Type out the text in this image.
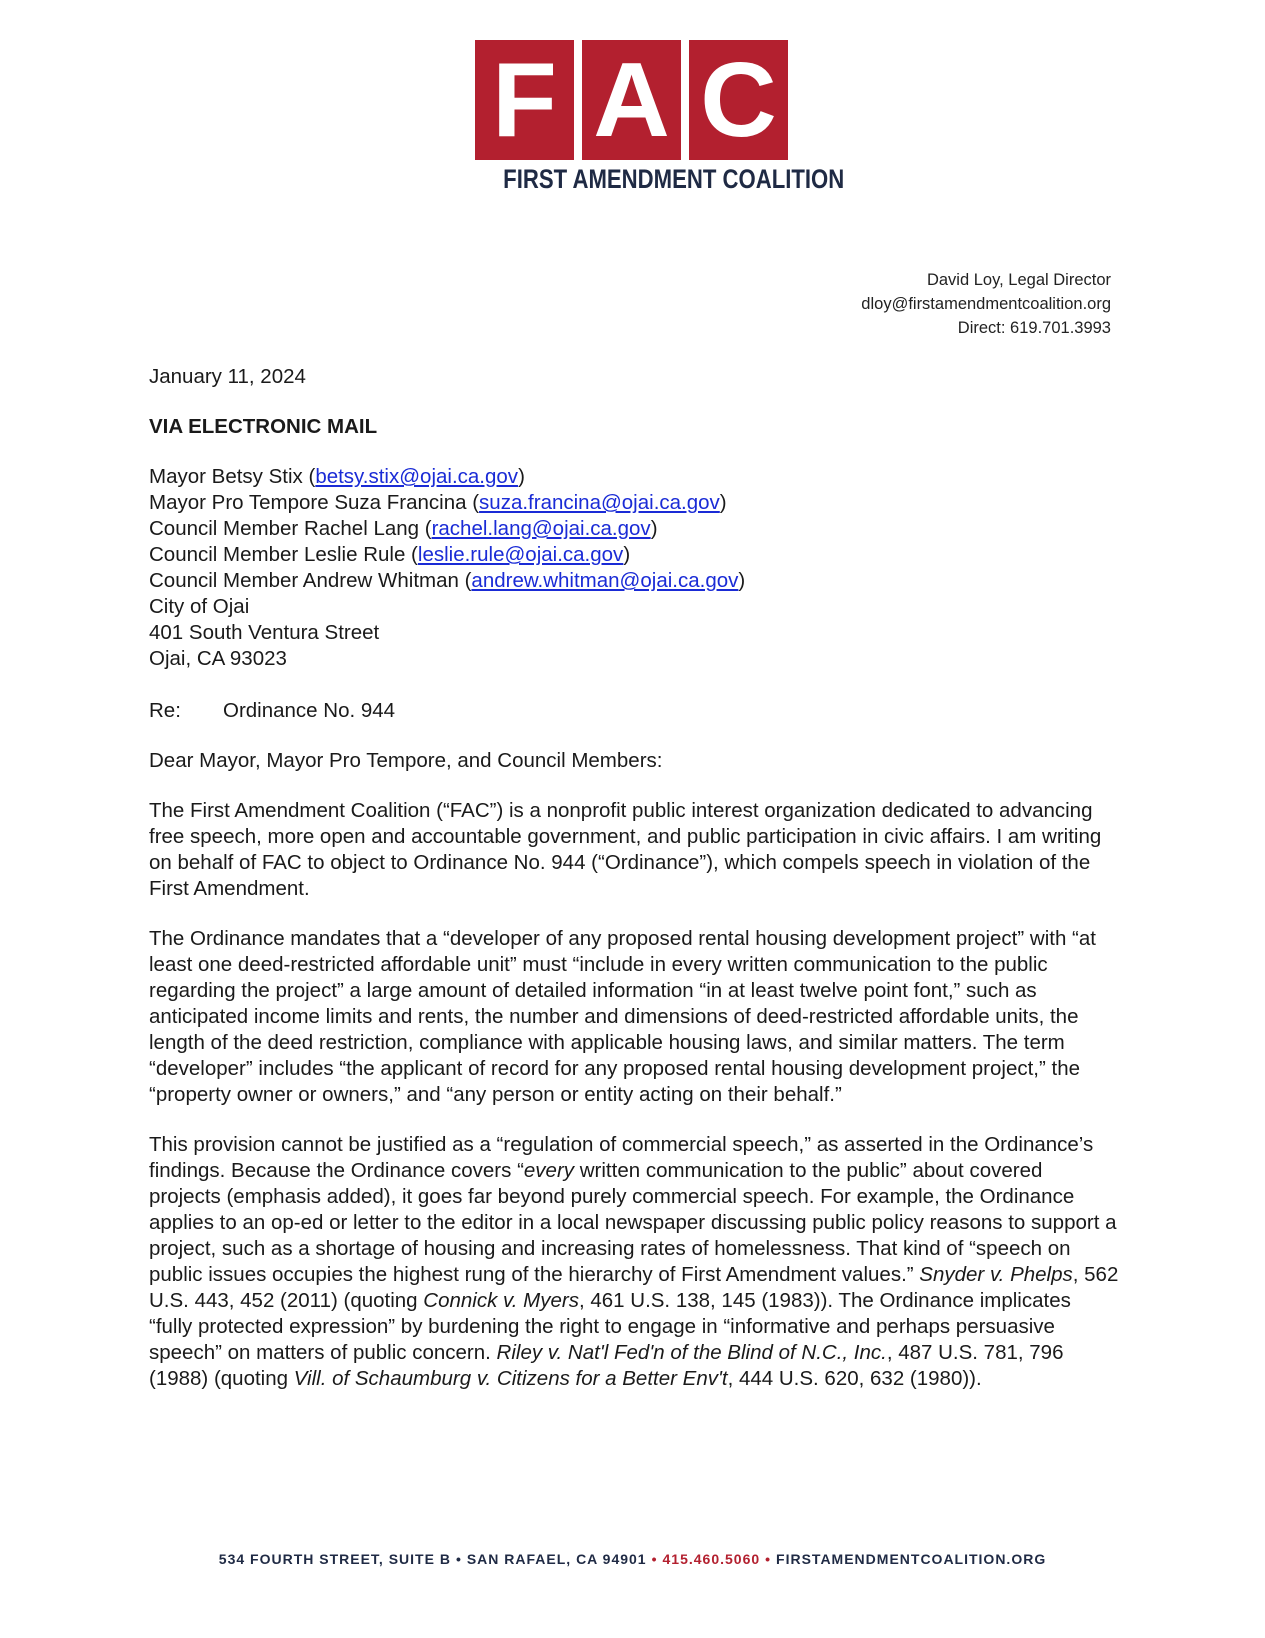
F A C
FIRST AMENDMENT COALITION
David Loy, Legal Director
dloy@firstamendmentcoalition.org
Direct: 619.701.3993

January 11, 2024

VIA ELECTRONIC MAIL

Mayor Betsy Stix (betsy.stix@ojai.ca.gov)
Mayor Pro Tempore Suza Francina (suza.francina@ojai.ca.gov)
Council Member Rachel Lang (rachel.lang@ojai.ca.gov)
Council Member Leslie Rule (leslie.rule@ojai.ca.gov)
Council Member Andrew Whitman (andrew.whitman@ojai.ca.gov)
City of Ojai
401 South Ventura Street
Ojai, CA 93023

Re: Ordinance No. 944

Dear Mayor, Mayor Pro Tempore, and Council Members:

The First Amendment Coalition (“FAC”) is a nonprofit public interest organization dedicated to advancing free speech, more open and accountable government, and public participation in civic affairs. I am writing on behalf of FAC to object to Ordinance No. 944 (“Ordinance”), which compels speech in violation of the First Amendment.

The Ordinance mandates that a “developer of any proposed rental housing development project” with “at least one deed-restricted affordable unit” must “include in every written communication to the public regarding the project” a large amount of detailed information “in at least twelve point font,” such as anticipated income limits and rents, the number and dimensions of deed-restricted affordable units, the length of the deed restriction, compliance with applicable housing laws, and similar matters. The term “developer” includes “the applicant of record for any proposed rental housing development project,” the “property owner or owners,” and “any person or entity acting on their behalf.”

This provision cannot be justified as a “regulation of commercial speech,” as asserted in the Ordinance’s findings. Because the Ordinance covers “every written communication to the public” about covered projects (emphasis added), it goes far beyond purely commercial speech. For example, the Ordinance applies to an op-ed or letter to the editor in a local newspaper discussing public policy reasons to support a project, such as a shortage of housing and increasing rates of homelessness. That kind of “speech on public issues occupies the highest rung of the hierarchy of First Amendment values.” Snyder v. Phelps, 562 U.S. 443, 452 (2011) (quoting Connick v. Myers, 461 U.S. 138, 145 (1983)). The Ordinance implicates “fully protected expression” by burdening the right to engage in “informative and perhaps persuasive speech” on matters of public concern. Riley v. Nat'l Fed'n of the Blind of N.C., Inc., 487 U.S. 781, 796 (1988) (quoting Vill. of Schaumburg v. Citizens for a Better Env't, 444 U.S. 620, 632 (1980)).

534 FOURTH STREET, SUITE B • SAN RAFAEL, CA 94901 • 415.460.5060 • FIRSTAMENDMENTCOALITION.ORG
